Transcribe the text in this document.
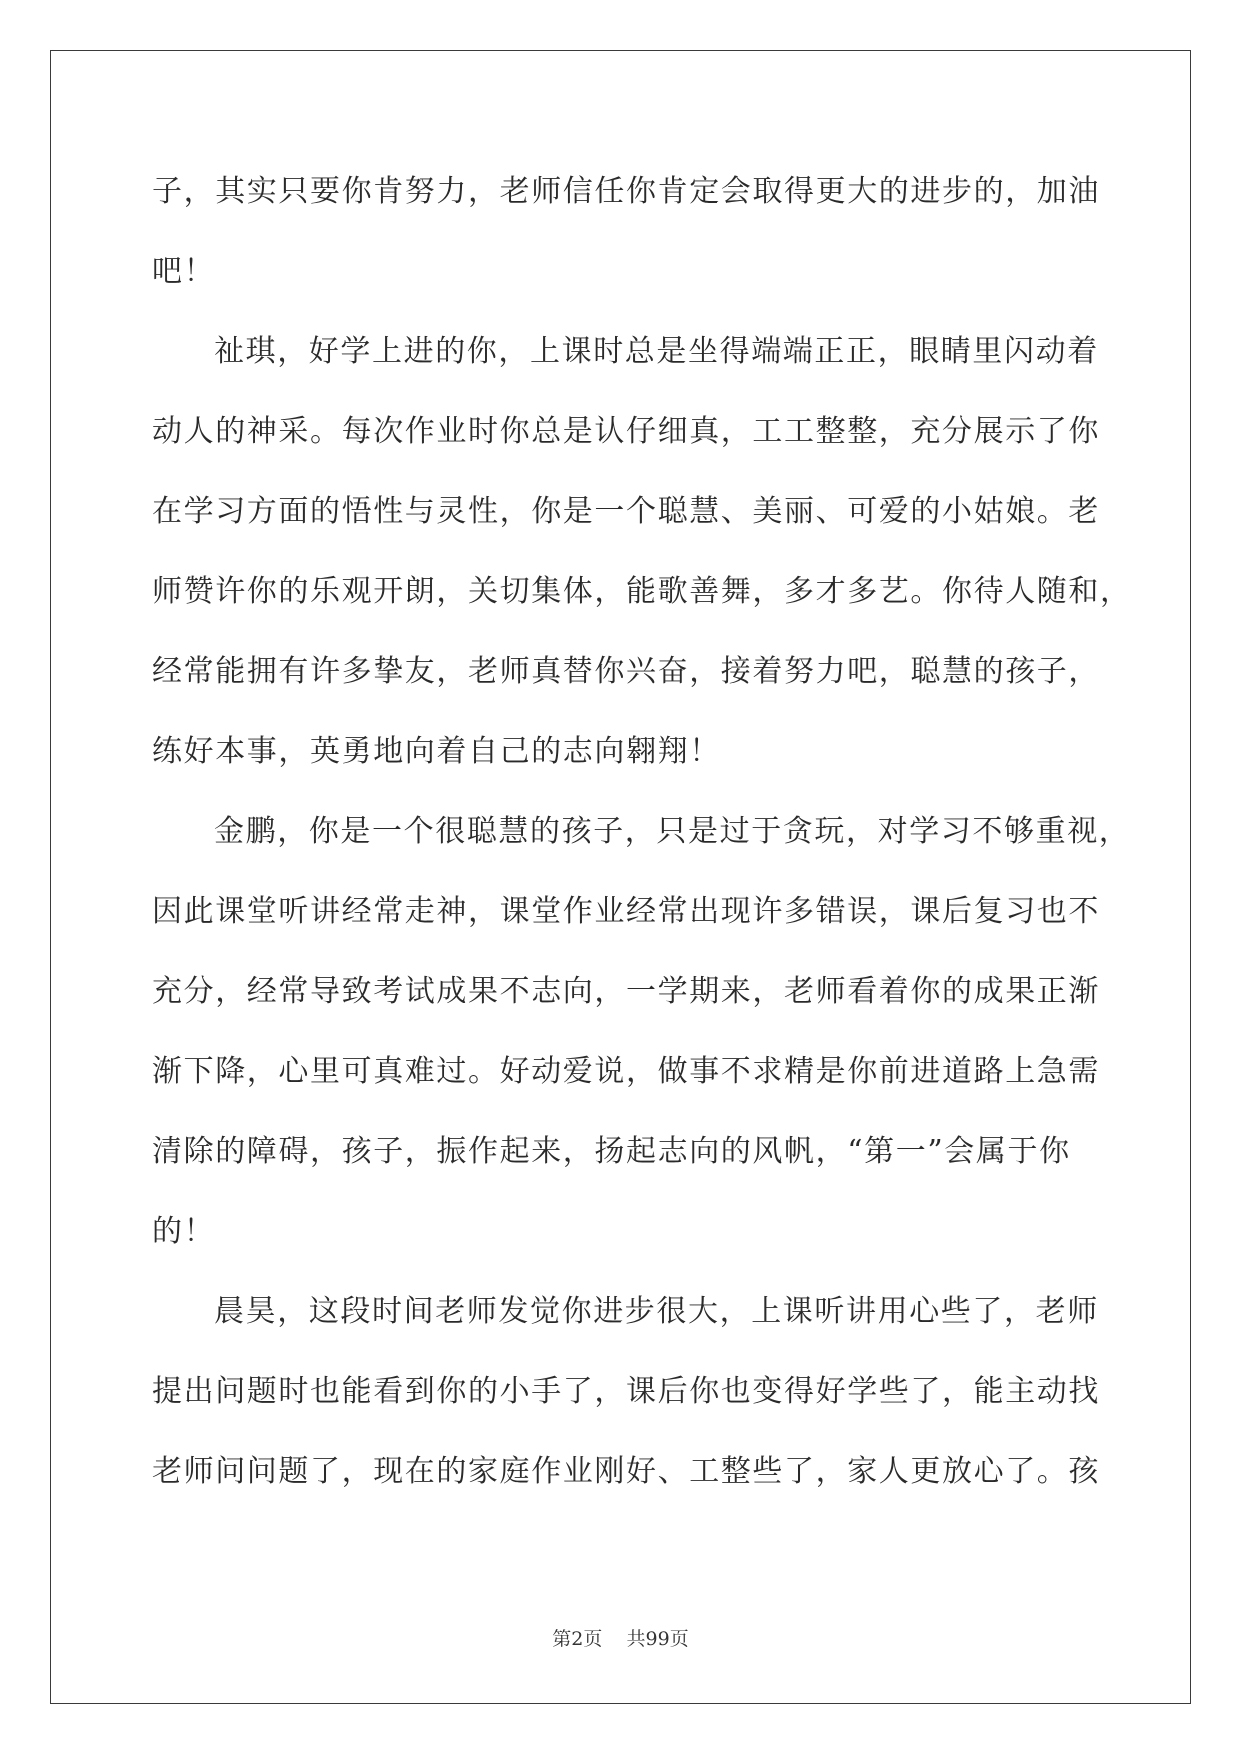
子，其实只要你肯努力，老师信任你肯定会取得更大的进步的，加油
吧！
祉琪，好学上进的你，上课时总是坐得端端正正，眼睛里闪动着
动人的神采。每次作业时你总是认仔细真，工工整整，充分展示了你
在学习方面的悟性与灵性，你是一个聪慧、美丽、可爱的小姑娘。老
师赞许你的乐观开朗，关切集体，能歌善舞，多才多艺。你待人随和，
经常能拥有许多挚友，老师真替你兴奋，接着努力吧，聪慧的孩子，
练好本事，英勇地向着自己的志向翱翔！
金鹏，你是一个很聪慧的孩子，只是过于贪玩，对学习不够重视，
因此课堂听讲经常走神，课堂作业经常出现许多错误，课后复习也不
充分，经常导致考试成果不志向，一学期来，老师看着你的成果正渐
渐下降，心里可真难过。好动爱说，做事不求精是你前进道路上急需
清除的障碍，孩子，振作起来，扬起志向的风帆，“第一”会属于你
的！
晨昊，这段时间老师发觉你进步很大，上课听讲用心些了，老师
提出问题时也能看到你的小手了，课后你也变得好学些了，能主动找
老师问问题了，现在的家庭作业刚好、工整些了，家人更放心了。孩
第2页 共99页
